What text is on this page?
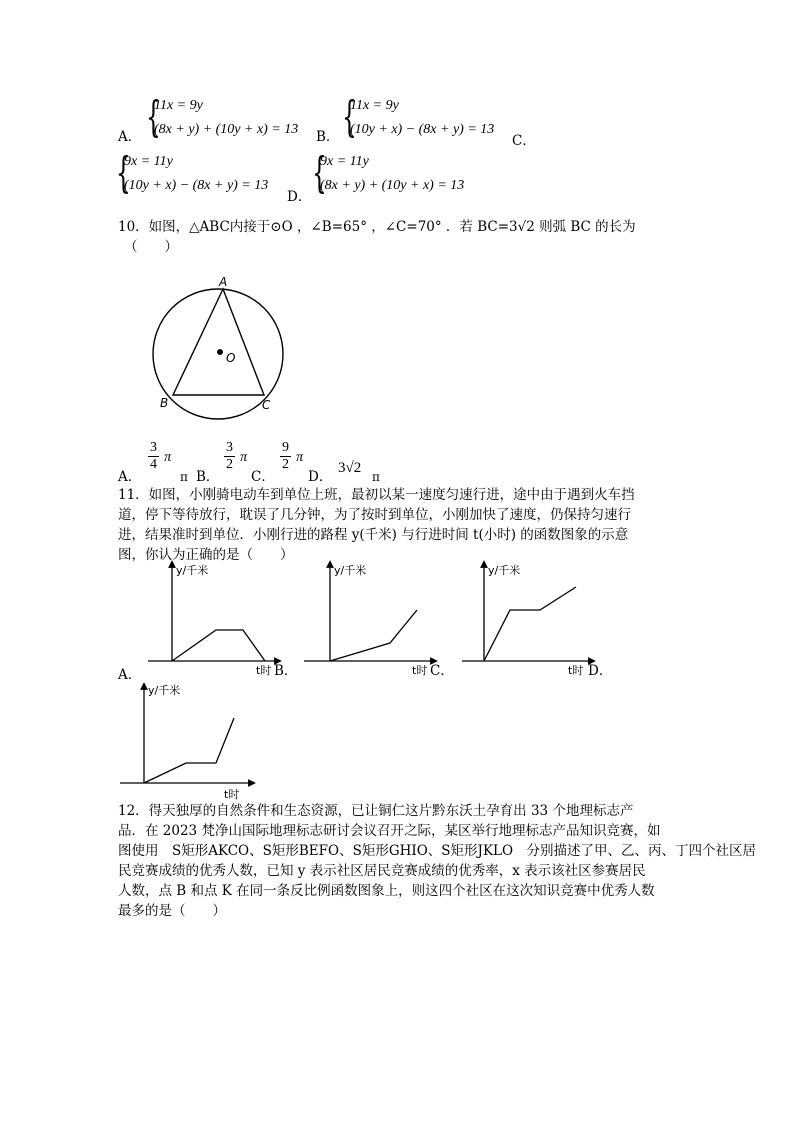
A． {
11x = 9y
(8x + y) + (10y + x) = 13 B． {
11x = 9y
(10y + x) − (8x + y) = 13
C．
{
9x = 11y
(10y + x) − (8x + y) = 13
D． {
9x = 11y
(8x + y) + (10y + x) = 13
10．如图，△ABC内接于⊙O ，∠B=65° ，∠C=70° ．若 BC=3√2 则弧 BC 的长为
（　　）
A
O
B	C
A．
$\frac{3}{4}$ π
π B．
$\frac{3}{2}$ π
C．
$\frac{9}{2}$ π
D．
3√2
π
11．如图，小刚骑电动车到单位上班，最初以某一速度匀速行进，途中由于遇到火车挡
道，停下等待放行，耽误了几分钟，为了按时到单位，小刚加快了速度，仍保持匀速行
进，结果准时到单位．小刚行进的路程 y(千米) 与行进时间 t(小时) 的函数图象的示意
图，你认为正确的是（　　）
y/千米
t时
A．	B．
y/千米
t时 C．
y/千米
t时 D．
y/千米
t时
12．得天独厚的自然条件和生态资源，已让铜仁这片黔东沃土孕育出 33 个地理标志产
品．在 2023 梵净山国际地理标志研讨会议召开之际，某区举行地理标志产品知识竞赛，如
图使用　S矩形AKCO、S矩形BEFO、S矩形GHIO、S矩形JKLO　分别描述了甲、乙、丙、丁四个社区居
民竞赛成绩的优秀人数，已知 y 表示社区居民竞赛成绩的优秀率，x 表示该社区参赛居民
人数，点 B 和点 K 在同一条反比例函数图象上，则这四个社区在这次知识竞赛中优秀人数
最多的是（　　）
